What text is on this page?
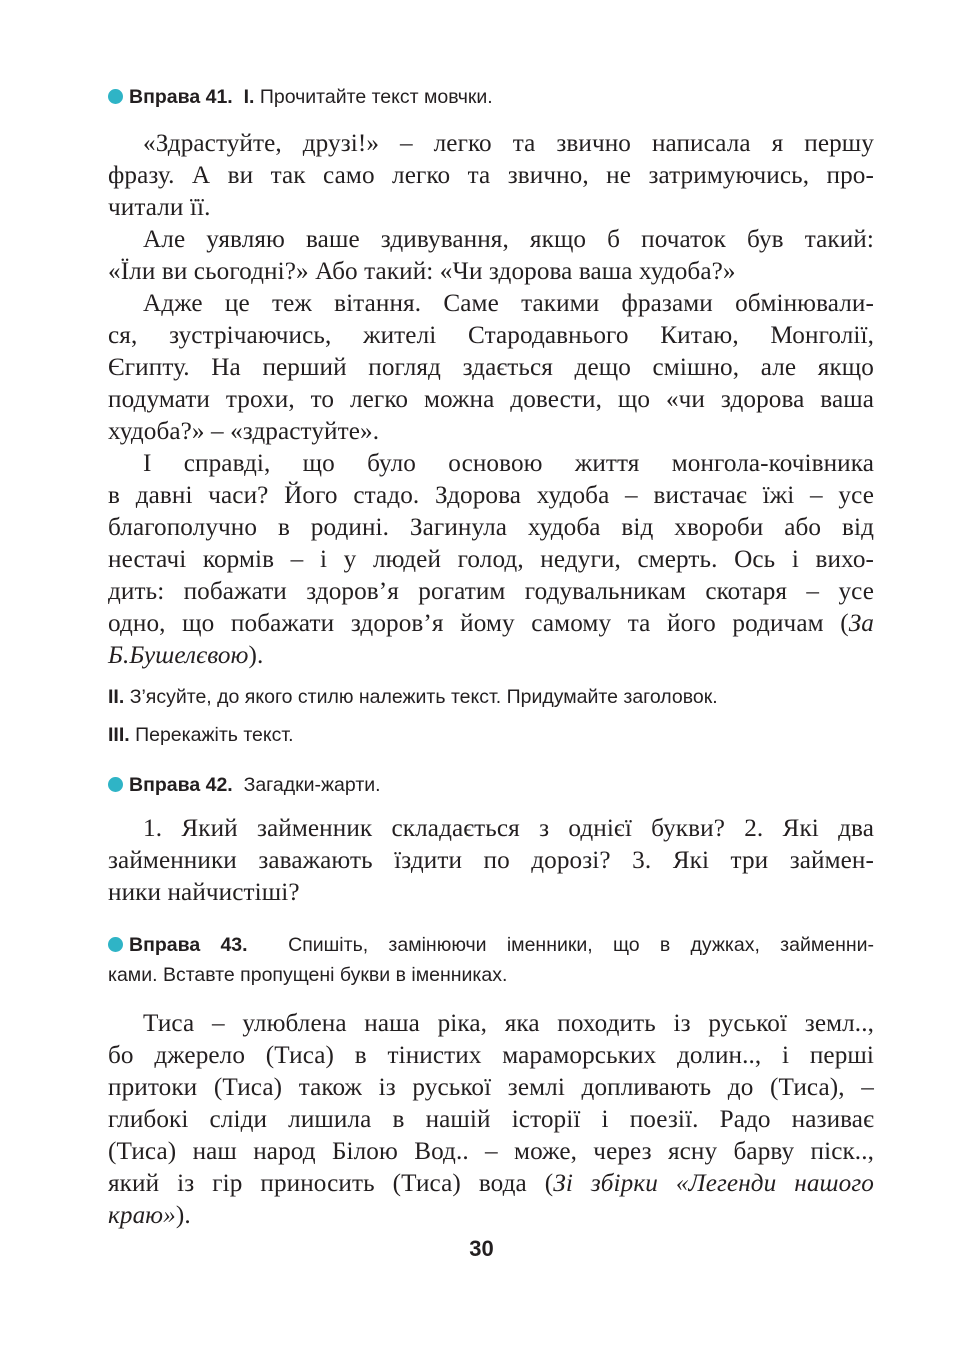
Вправа 41. I. Прочитайте текст мовчки.

«Здрастуйте, друзі!» – легко та звично написала я першу
фразу. А ви так само легко та звично, не затримуючись, про-
читали її.
Але уявляю ваше здивування, якщо б початок був такий:
«Їли ви сьогодні?» Або такий: «Чи здорова ваша худоба?»
Адже це теж вітання. Саме такими фразами обмінювали-
ся, зустрічаючись, жителі Стародавнього Китаю, Монголії,
Єгипту. На перший погляд здається дещо смішно, але якщо
подумати трохи, то легко можна довести, що «чи здорова ваша
худоба?» – «здрастуйте».
І справді, що було основою життя монгола-кочівника
в давні часи? Його стадо. Здорова худоба – вистачає їжі – усе
благополучно в родині. Загинула худоба від хвороби або від
нестачі кормів – і у людей голод, недуги, смерть. Ось і вихо-
дить: побажати здоров’я рогатим годувальникам скотаря – усе
одно, що побажати здоров’я йому самому та його родичам (За
Б.Бушелєвою).

II. З’ясуйте, до якого стилю належить текст. Придумайте заголовок.

III. Перекажіть текст.

Вправа 42. Загадки-жарти.

1. Який займенник складається з однієї букви? 2. Які два
займенники заважають їздити по дорозі? 3. Які три займен-
ники найчистіші?

Вправа 43. Спишіть, замінюючи іменники, що в дужках, займенни-
ками. Вставте пропущені букви в іменниках.

Тиса – улюблена наша ріка, яка походить із руської земл..,
бо джерело (Тиса) в тінистих мараморських долин.., і перші
притоки (Тиса) також із руської землі допливають до (Тиса), –
глибокі сліди лишила в нашій історії і поезії. Радо називає
(Тиса) наш народ Білою Вод.. – може, через ясну барву піск..,
який із гір приносить (Тиса) вода (Зі збірки «Легенди нашого
краю»).
30
